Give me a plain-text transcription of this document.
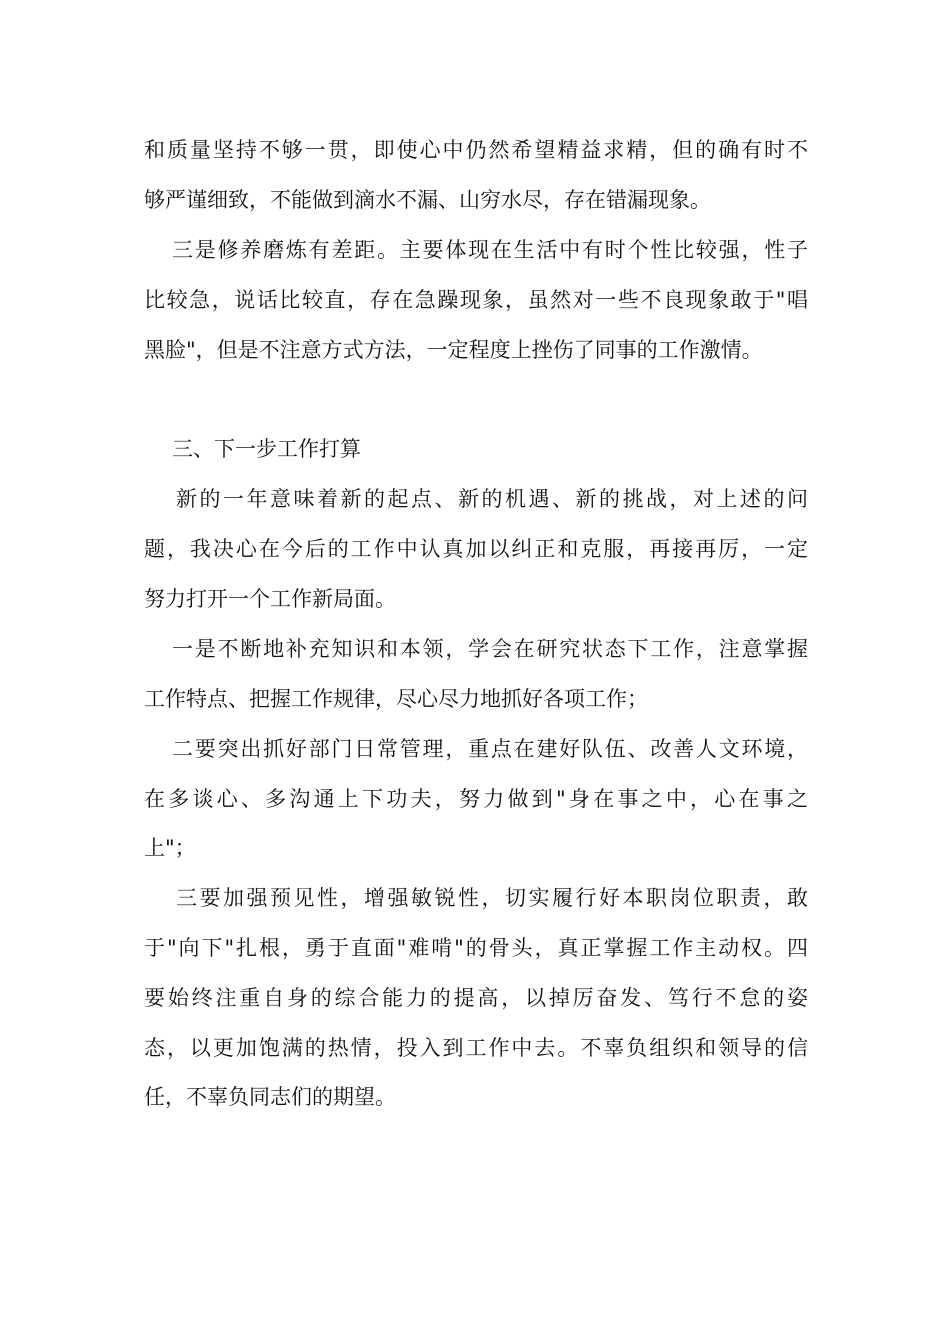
和质量坚持不够一贯，即使心中仍然希望精益求精，但的确有时不
够严谨细致，不能做到滴水不漏、山穷水尽，存在错漏现象。
三是修养磨炼有差距。主要体现在生活中有时个性比较强，性子
比较急，说话比较直，存在急躁现象，虽然对一些不良现象敢于"唱
黑脸"，但是不注意方式方法，一定程度上挫伤了同事的工作激情。
三、下一步工作打算
新的一年意味着新的起点、新的机遇、新的挑战，对上述的问
题，我决心在今后的工作中认真加以纠正和克服，再接再厉，一定
努力打开一个工作新局面。
一是不断地补充知识和本领，学会在研究状态下工作，注意掌握
工作特点、把握工作规律，尽心尽力地抓好各项工作；
二要突出抓好部门日常管理，重点在建好队伍、改善人文环境，
在多谈心、多沟通上下功夫，努力做到"身在事之中，心在事之
上"；
三要加强预见性，增强敏锐性，切实履行好本职岗位职责，敢
于"向下"扎根，勇于直面"难啃"的骨头，真正掌握工作主动权。四
要始终注重自身的综合能力的提高，以掉厉奋发、笃行不怠的姿
态，以更加饱满的热情，投入到工作中去。不辜负组织和领导的信
任，不辜负同志们的期望。
